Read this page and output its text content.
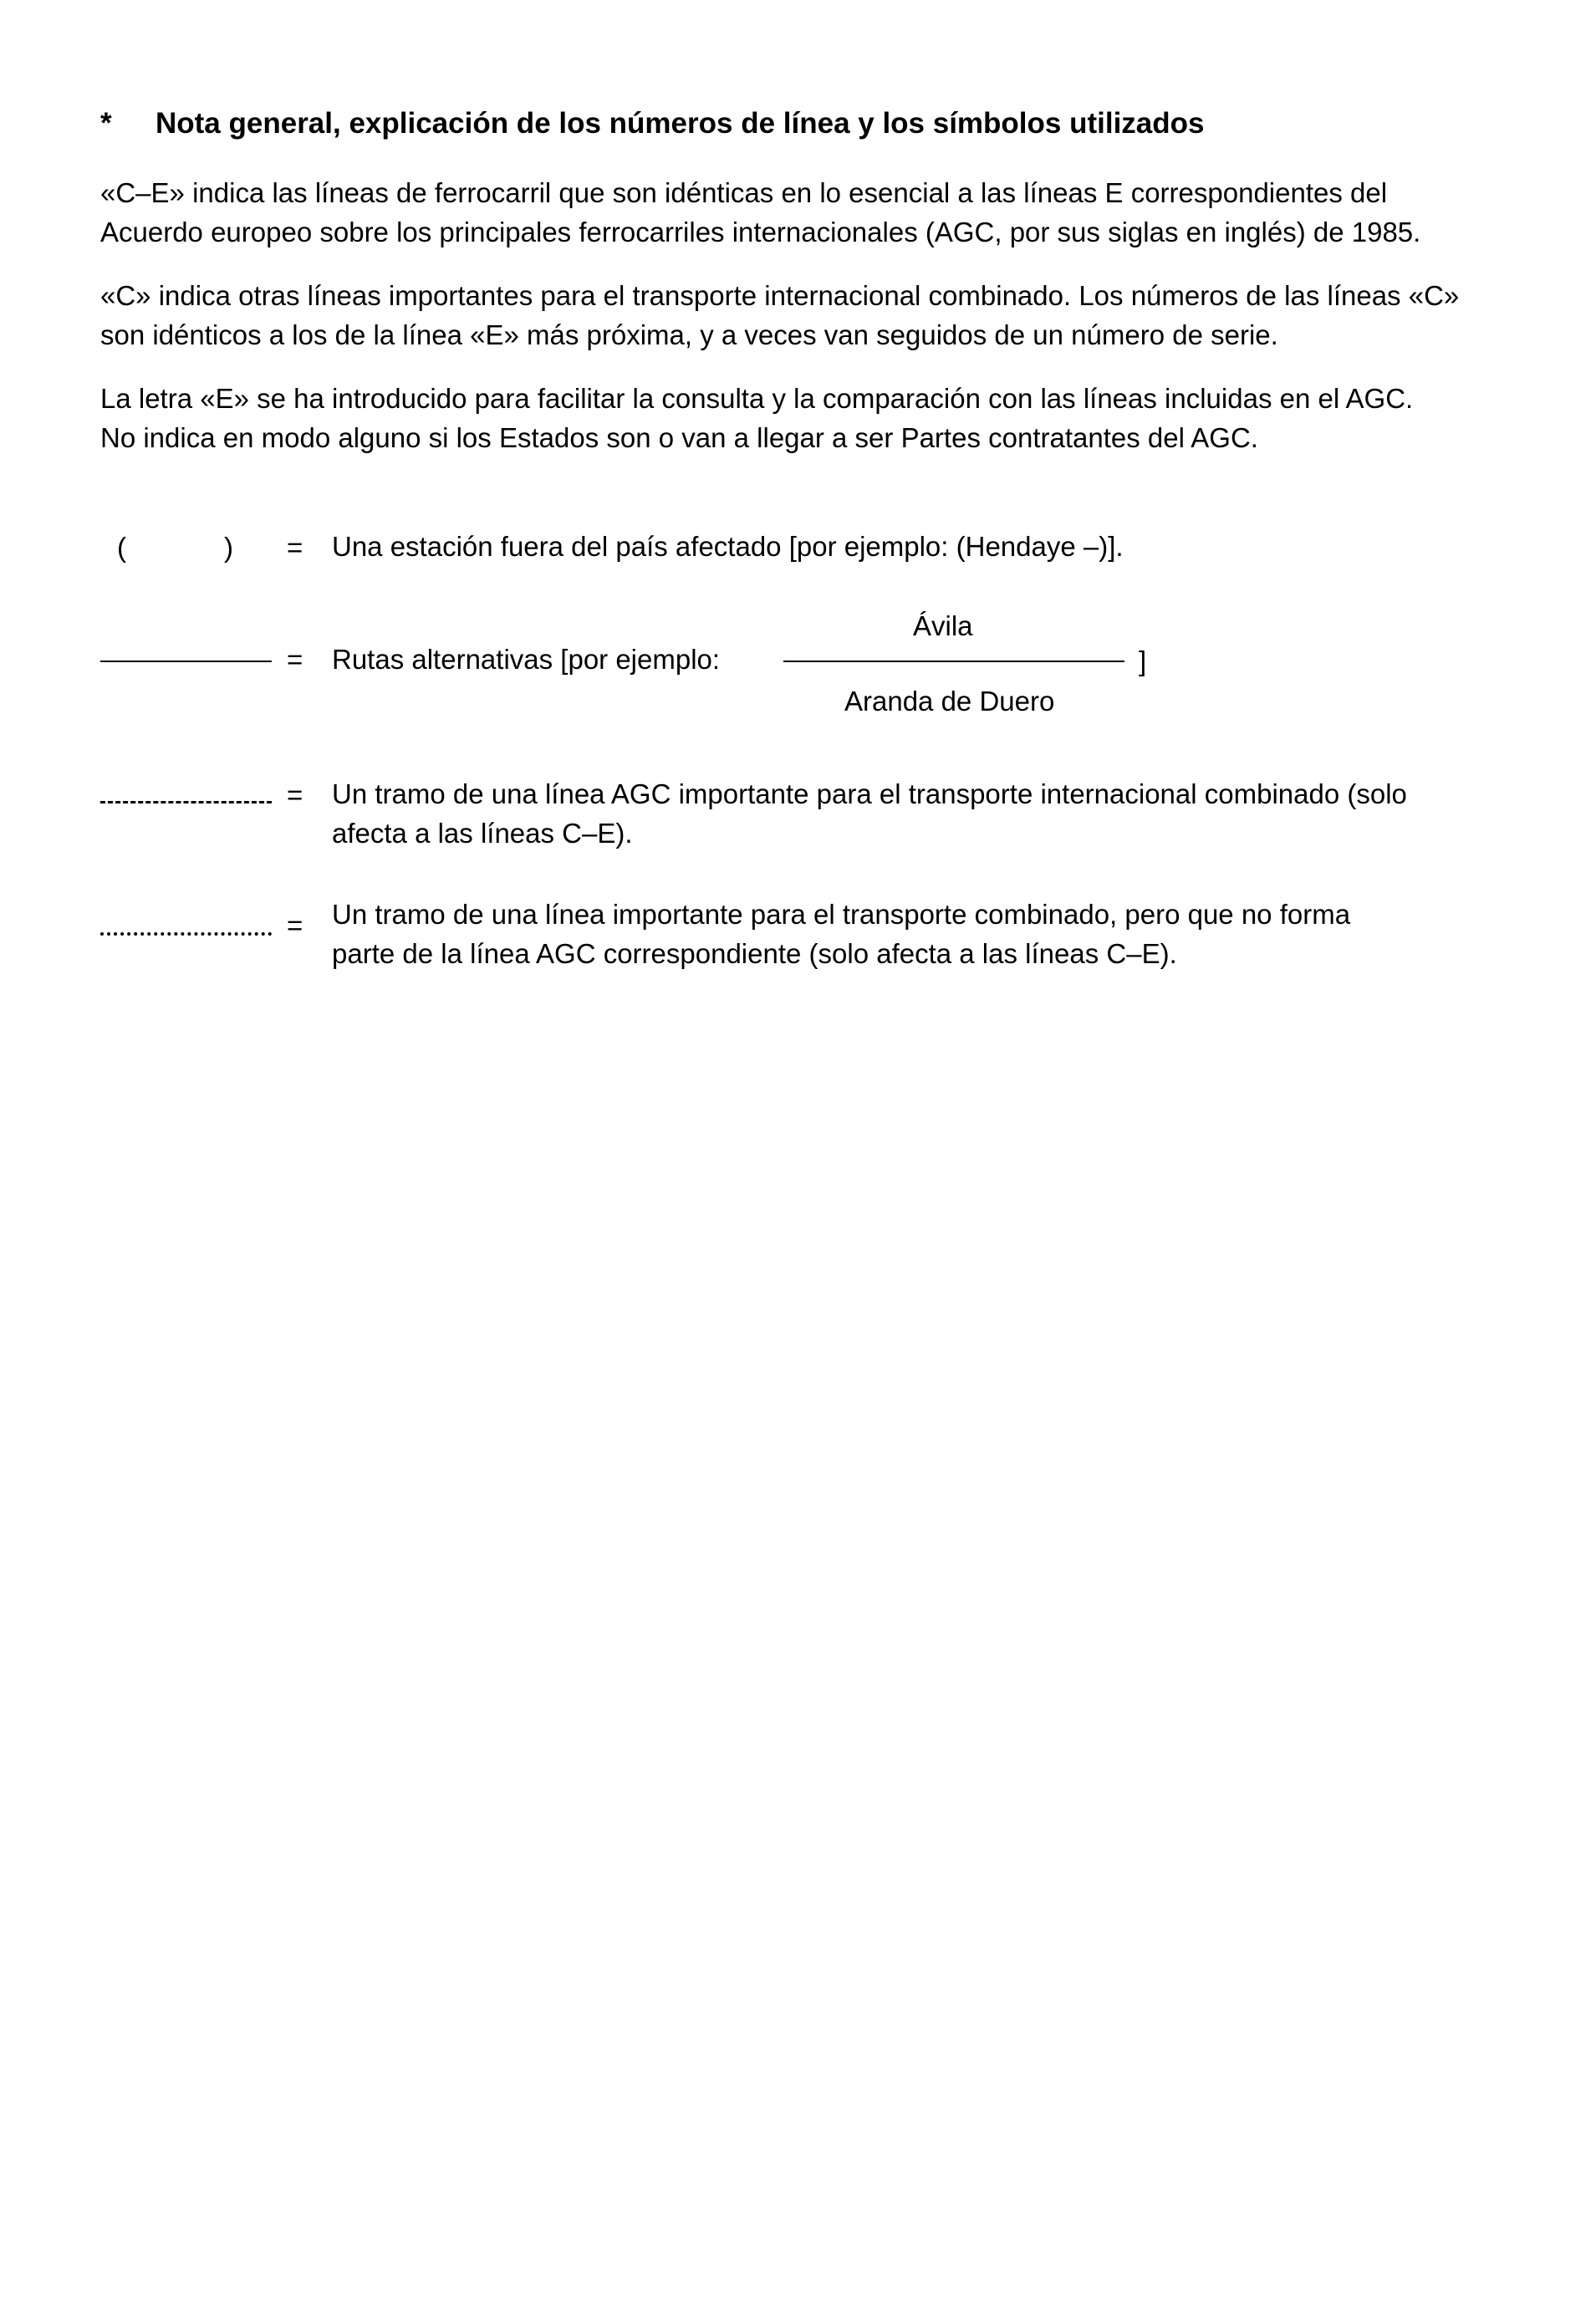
* Nota general, explicación de los números de línea y los símbolos utilizados
«C–E» indica las líneas de ferrocarril que son idénticas en lo esencial a las líneas E correspondientes del
Acuerdo europeo sobre los principales ferrocarriles internacionales (AGC, por sus siglas en inglés) de 1985.
«C» indica otras líneas importantes para el transporte internacional combinado. Los números de las líneas «C»
son idénticos a los de la línea «E» más próxima, y a veces van seguidos de un número de serie.
La letra «E» se ha introducido para facilitar la consulta y la comparación con las líneas incluidas en el AGC.
No indica en modo alguno si los Estados son o van a llegar a ser Partes contratantes del AGC.
(	) = Una estación fuera del país afectado [por ejemplo: (Hendaye –)].
= Rutas alternativas [por ejemplo:
Ávila
]
Aranda de Duero
= Un tramo de una línea AGC importante para el transporte internacional combinado (solo
afecta a las líneas C–E).
= Un tramo de una línea importante para el transporte combinado, pero que no forma
parte de la línea AGC correspondiente (solo afecta a las líneas C–E).
